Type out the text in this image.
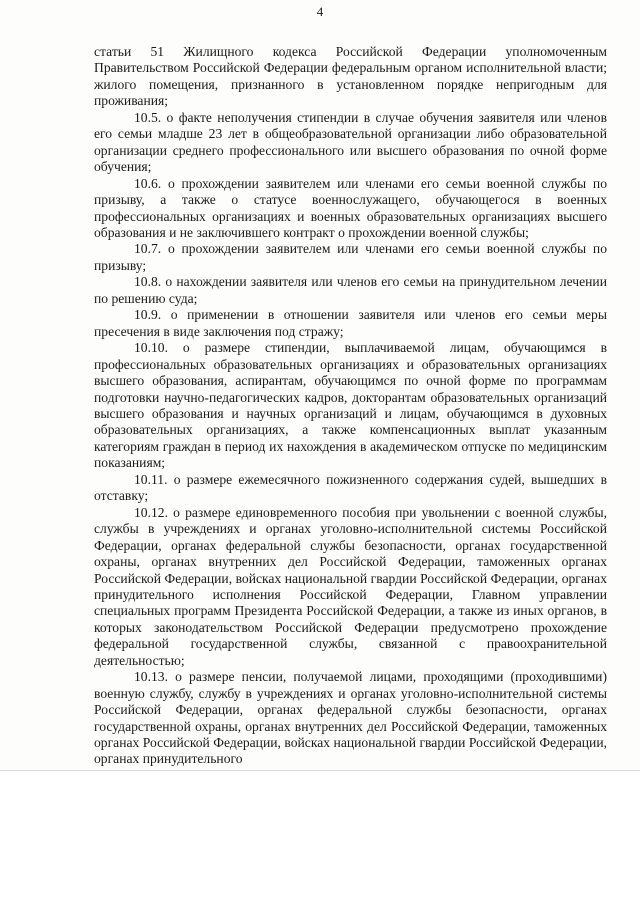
4

статьи 51 Жилищного кодекса Российской Федерации уполномоченным Правительством Российской Федерации федеральным органом исполнительной власти; жилого помещения, признанного в установленном порядке непригодным для проживания;

10.5. о факте неполучения стипендии в случае обучения заявителя или членов его семьи младше 23 лет в общеобразовательной организации либо образовательной организации среднего профессионального или высшего образования по очной форме обучения;

10.6. о прохождении заявителем или членами его семьи военной службы по призыву, а также о статусе военнослужащего, обучающегося в военных профессиональных организациях и военных образовательных организациях высшего образования и не заключившего контракт о прохождении военной службы;

10.7. о прохождении заявителем или членами его семьи военной службы по призыву;

10.8. о нахождении заявителя или членов его семьи на принудительном лечении по решению суда;

10.9. о применении в отношении заявителя или членов его семьи меры пресечения в виде заключения под стражу;

10.10. о размере стипендии, выплачиваемой лицам, обучающимся в профессиональных образовательных организациях и образовательных организациях высшего образования, аспирантам, обучающимся по очной форме по программам подготовки научно-педагогических кадров, докторантам образовательных организаций высшего образования и научных организаций и лицам, обучающимся в духовных образовательных организациях, а также компенсационных выплат указанным категориям граждан в период их нахождения в академическом отпуске по медицинским показаниям;

10.11. о размере ежемесячного пожизненного содержания судей, вышедших в отставку;

10.12. о размере единовременного пособия при увольнении с военной службы, службы в учреждениях и органах уголовно-исполнительной системы Российской Федерации, органах федеральной службы безопасности, органах государственной охраны, органах внутренних дел Российской Федерации, таможенных органах Российской Федерации, войсках национальной гвардии Российской Федерации, органах принудительного исполнения Российской Федерации, Главном управлении специальных программ Президента Российской Федерации, а также из иных органов, в которых законодательством Российской Федерации предусмотрено прохождение федеральной государственной службы, связанной с правоохранительной деятельностью;

10.13. о размере пенсии, получаемой лицами, проходящими (проходившими) военную службу, службу в учреждениях и органах уголовно-исполнительной системы Российской Федерации, органах федеральной службы безопасности, органах государственной охраны, органах внутренних дел Российской Федерации, таможенных органах Российской Федерации, войсках национальной гвардии Российской Федерации, органах принудительного
